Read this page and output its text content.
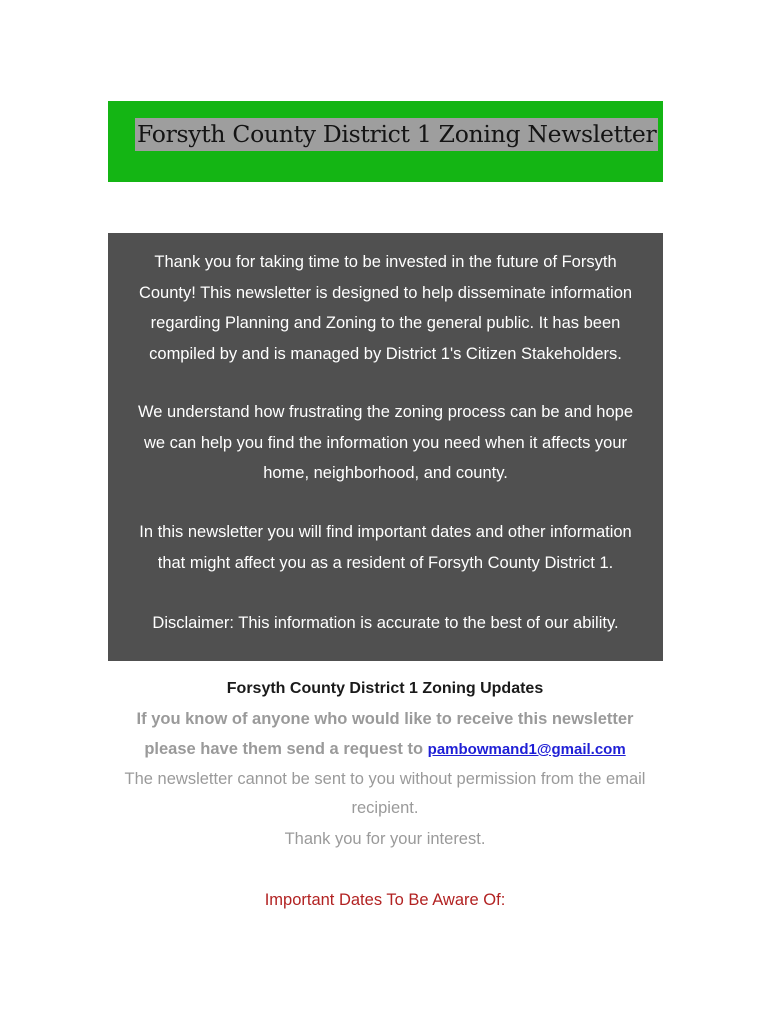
Forsyth County District 1 Zoning Newsletter

Thank you for taking time to be invested in the future of Forsyth
County! This newsletter is designed to help disseminate information
regarding Planning and Zoning to the general public. It has been
compiled by and is managed by District 1's Citizen Stakeholders.

We understand how frustrating the zoning process can be and hope
we can help you find the information you need when it affects your
home, neighborhood, and county.

In this newsletter you will find important dates and other information
that might affect you as a resident of Forsyth County District 1.

Disclaimer: This information is accurate to the best of our ability.

Forsyth County District 1 Zoning Updates
If you know of anyone who would like to receive this newsletter
please have them send a request to pambowmand1@gmail.com
The newsletter cannot be sent to you without permission from the email
recipient.
Thank you for your interest.
Important Dates To Be Aware Of:
